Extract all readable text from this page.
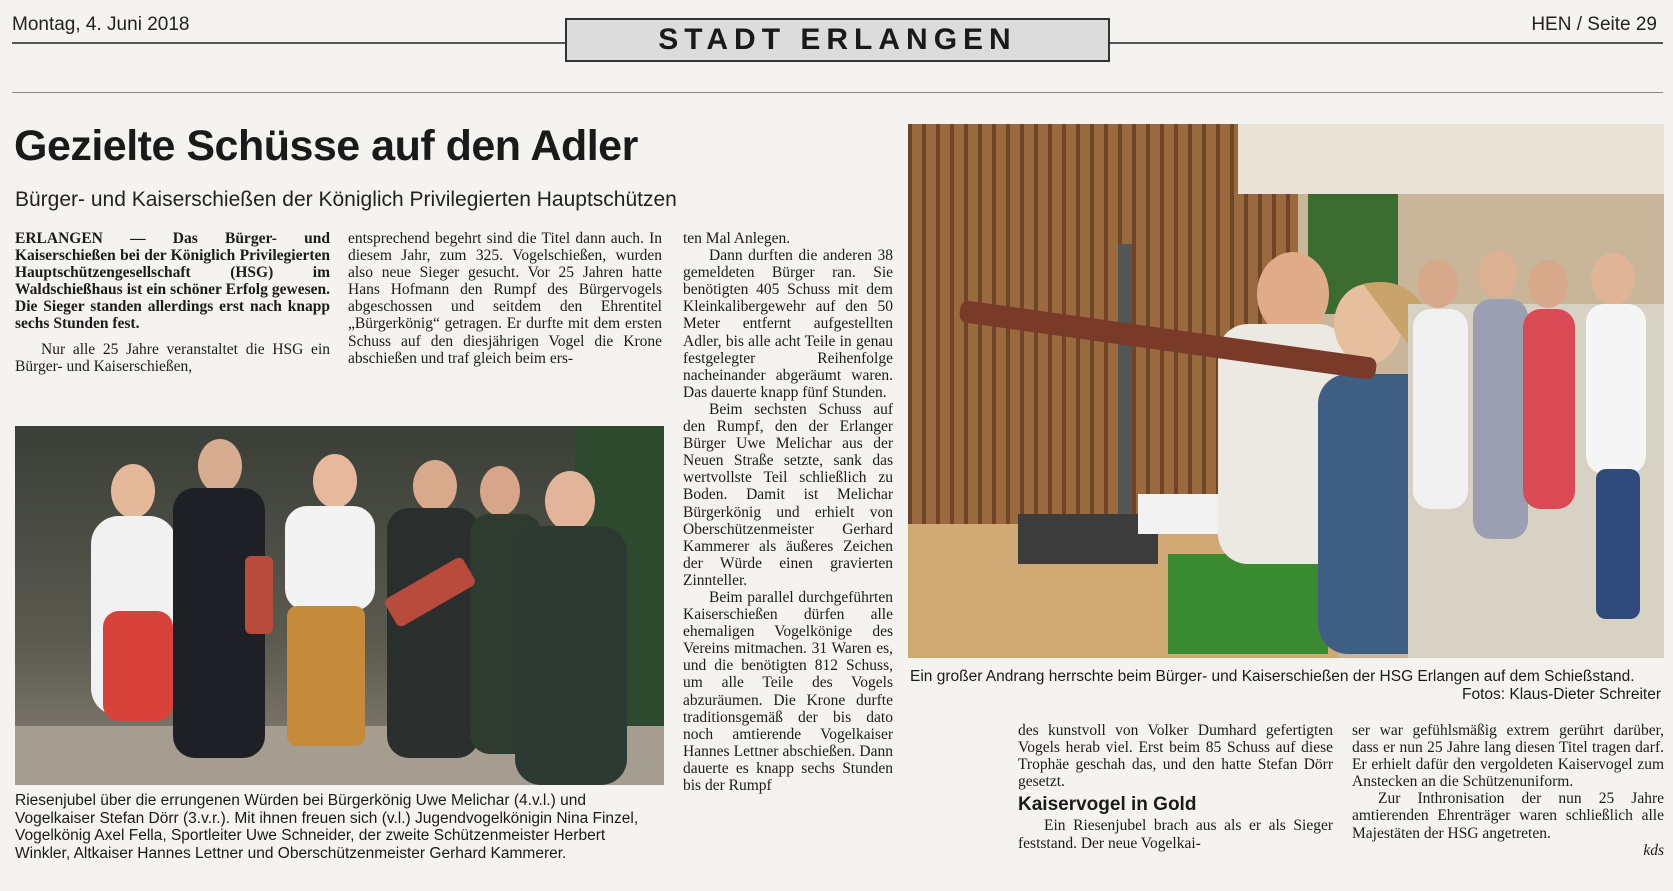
Montag, 4. Juni 2018	STADT ERLANGEN	HEN / Seite 29
Gezielte Schüsse auf den Adler
Bürger- und Kaiserschießen der Königlich Privilegierten Hauptschützen

ERLANGEN — Das Bürger- und Kaiserschießen bei der Königlich Privilegierten Hauptschützengesellschaft (HSG) im Waldschießhaus ist ein schöner Erfolg gewesen. Die Sieger standen allerdings erst nach knapp sechs Stunden fest.

Nur alle 25 Jahre veranstaltet die HSG ein Bürger- und Kaiserschießen,

entsprechend begehrt sind die Titel dann auch. In diesem Jahr, zum 325. Vogelschießen, wurden also neue Sieger gesucht. Vor 25 Jahren hatte Hans Hofmann den Rumpf des Bürgervogels abgeschossen und seitdem den Ehrentitel „Bürgerkönig“ getragen. Er durfte mit dem ersten Schuss auf den diesjährigen Vogel die Krone abschießen und traf gleich beim ers-

Riesenjubel über die errungenen Würden bei Bürgerkönig Uwe Melichar (4.v.l.) und Vogelkaiser Stefan Dörr (3.v.r.). Mit ihnen freuen sich (v.l.) Jugendvogelkönigin Nina Finzel, Vogelkönig Axel Fella, Sportleiter Uwe Schneider, der zweite Schützenmeister Herbert Winkler, Altkaiser Hannes Lettner und Oberschützenmeister Gerhard Kammerer.
Ein großer Andrang herrschte beim Bürger- und Kaiserschießen der HSG Erlangen auf dem Schießstand.
Fotos: Klaus-Dieter Schreiter

ten Mal Anlegen.

Dann durften die anderen 38 gemeldeten Bürger ran. Sie benötigten 405 Schuss mit dem Kleinkalibergewehr auf den 50 Meter entfernt aufgestellten Adler, bis alle acht Teile in genau festgelegter Reihenfolge nacheinander abgeräumt waren. Das dauerte knapp fünf Stunden.

Beim sechsten Schuss auf den Rumpf, den der Erlanger Bürger Uwe Melichar aus der Neuen Straße setzte, sank das wertvollste Teil schließlich zu Boden. Damit ist Melichar Bürgerkönig und erhielt von Oberschützenmeister Gerhard Kammerer als äußeres Zeichen der Würde einen gravierten Zinnteller.

Beim parallel durchgeführten Kaiserschießen dürfen alle ehemaligen Vogelkönige des Vereins mitmachen. 31 Waren es, und die benötigten 812 Schuss, um alle Teile des Vogels abzuräumen. Die Krone durfte traditionsgemäß der bis dato noch amtierende Vogelkaiser Hannes Lettner abschießen. Dann dauerte es knapp sechs Stunden bis der Rumpf

des kunstvoll von Volker Dumhard gefertigten Vogels herab viel. Erst beim 85 Schuss auf diese Trophäe geschah das, und den hatte Stefan Dörr gesetzt.

Kaiservogel in Gold

Ein Riesenjubel brach aus als er als Sieger feststand. Der neue Vogelkai-

ser war gefühlsmäßig extrem gerührt darüber, dass er nun 25 Jahre lang diesen Titel tragen darf. Er erhielt dafür den vergoldeten Kaiservogel zum Anstecken an die Schützenuniform.

Zur Inthronisation der nun 25 Jahre amtierenden Ehrenträger waren schließlich alle Majestäten der HSG angetreten.

kds
